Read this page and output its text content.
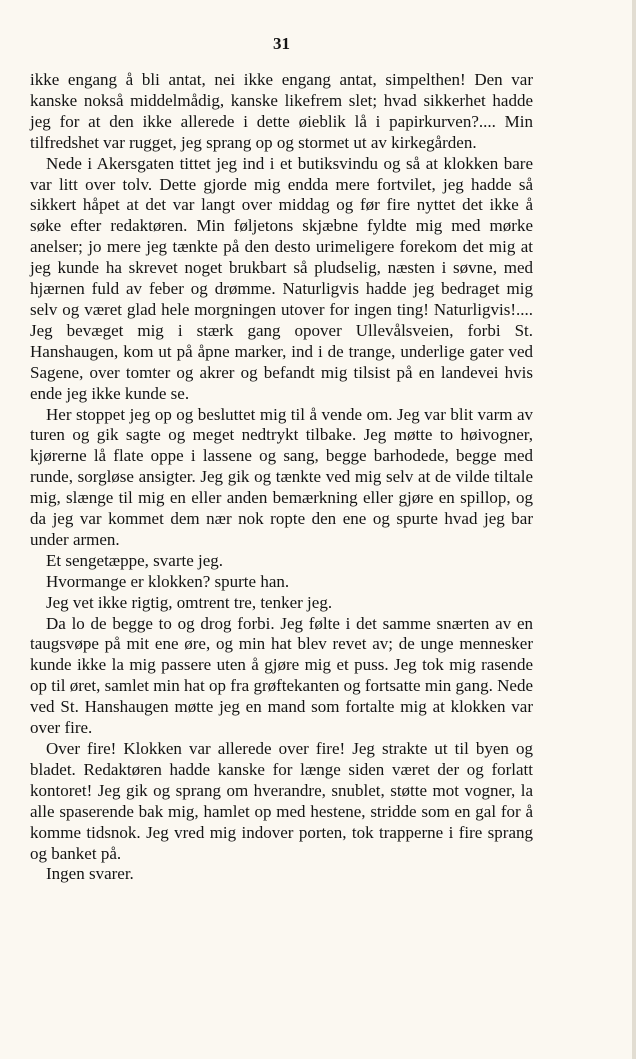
31

ikke engang å bli antat, nei ikke engang antat, simpelthen! Den var kanske nokså middelmådig, kanske likefrem slet; hvad sikkerhet hadde jeg for at den ikke allerede i dette øieblik lå i papirkurven?.... Min tilfredshet var rugget, jeg sprang op og stormet ut av kirkegården.

Nede i Akersgaten tittet jeg ind i et butiksvindu og så at klokken bare var litt over tolv. Dette gjorde mig endda mere fortvilet, jeg hadde så sikkert håpet at det var langt over middag og før fire nyttet det ikke å søke efter redaktøren. Min føljetons skjæbne fyldte mig med mørke anelser; jo mere jeg tænkte på den desto urimeligere forekom det mig at jeg kunde ha skrevet noget brukbart så pludselig, næsten i søvne, med hjærnen fuld av feber og drømme. Naturligvis hadde jeg bedraget mig selv og været glad hele morgningen utover for ingen ting! Naturligvis!.... Jeg bevæget mig i stærk gang opover Ullevålsveien, forbi St. Hanshaugen, kom ut på åpne marker, ind i de trange, underlige gater ved Sagene, over tomter og akrer og befandt mig tilsist på en landevei hvis ende jeg ikke kunde se.

Her stoppet jeg op og besluttet mig til å vende om. Jeg var blit varm av turen og gik sagte og meget nedtrykt tilbake. Jeg møtte to høivogner, kjørerne lå flate oppe i lassene og sang, begge barhodede, begge med runde, sorgløse ansigter. Jeg gik og tænkte ved mig selv at de vilde tiltale mig, slænge til mig en eller anden bemærkning eller gjøre en spillop, og da jeg var kommet dem nær nok ropte den ene og spurte hvad jeg bar under armen.

Et sengetæppe, svarte jeg.

Hvormange er klokken? spurte han.

Jeg vet ikke rigtig, omtrent tre, tenker jeg.

Da lo de begge to og drog forbi. Jeg følte i det samme snærten av en taugsvøpe på mit ene øre, og min hat blev revet av; de unge mennesker kunde ikke la mig passere uten å gjøre mig et puss. Jeg tok mig rasende op til øret, samlet min hat op fra grøftekanten og fortsatte min gang. Nede ved St. Hanshaugen møtte jeg en mand som fortalte mig at klokken var over fire.

Over fire! Klokken var allerede over fire! Jeg strakte ut til byen og bladet. Redaktøren hadde kanske for længe siden været der og forlatt kontoret! Jeg gik og sprang om hverandre, snublet, støtte mot vogner, la alle spaserende bak mig, hamlet op med hestene, stridde som en gal for å komme tidsnok. Jeg vred mig indover porten, tok trapperne i fire sprang og banket på.

Ingen svarer.
